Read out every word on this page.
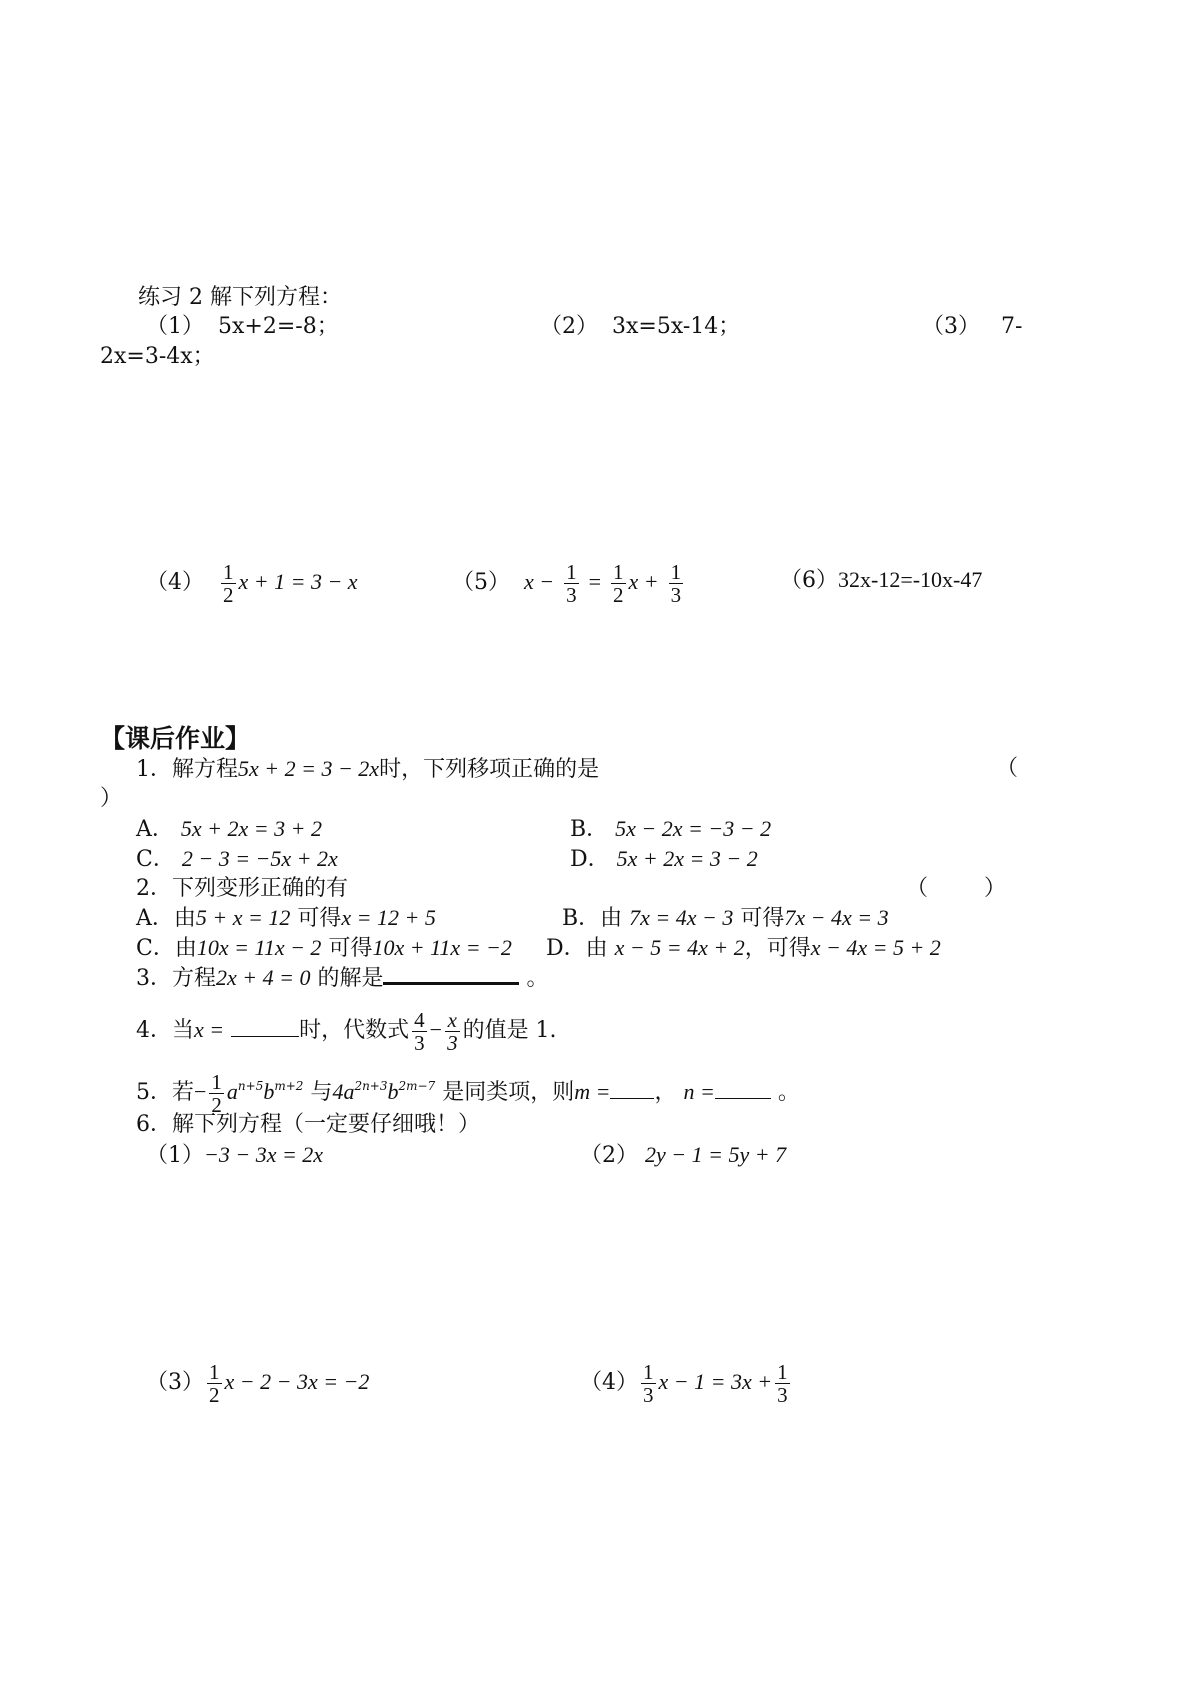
练习 2 解下列方程：
（1） 5x+2=-8；	（2） 3x=5x-14；	（3） 7-
2x=3-4x；
$(4) \frac{1}{2}$ x + 1 = 3 − x	（5） $x - \frac{1}{3} = \frac{1}{2}$ $x + \frac{1}{3}$	（6）32x-12=-10x-47
【课后作业】
1．解方程5x + 2 = 3 − 2x时，下列移项正确的是	（
）
A． 5x + 2x = 3 + 2	B． 5x − 2x = −3 − 2
C． 2 − 3 = −5x + 2x	D． 5x + 2x = 3 − 2
2．下列变形正确的有	（	）
A．由5 + x = 12 可得x = 12 + 5	B．由 7x = 4x − 3 可得7x − 4x = 3
C．由10x = 11x − 2 可得10x + 11x = −2 D．由 x − 5 = 4x + 2，可得x − 4x = 5 + 2
3．方程2x + 4 = 0 的解是	。
4．当x =	时，代数式 $\frac{4}{3} - \frac{x}{3}$ 的值是 1.
5．若− $\frac{1}{2} a^{n+5}b^{m+2}$ 与$4a^{2n+3}b^{2m-7}$ 是同类项，则m = ， n =	。
6．解下列方程（一定要仔细哦！）
（1）−3 − 3x = 2x	（2） 2y − 1 = 5y + 7
$(3) \frac{1}{2}$ x − 2 − 3x = −2	$(4) \frac{1}{3}$ $x - 1 = 3x + \frac{1}{3}$
